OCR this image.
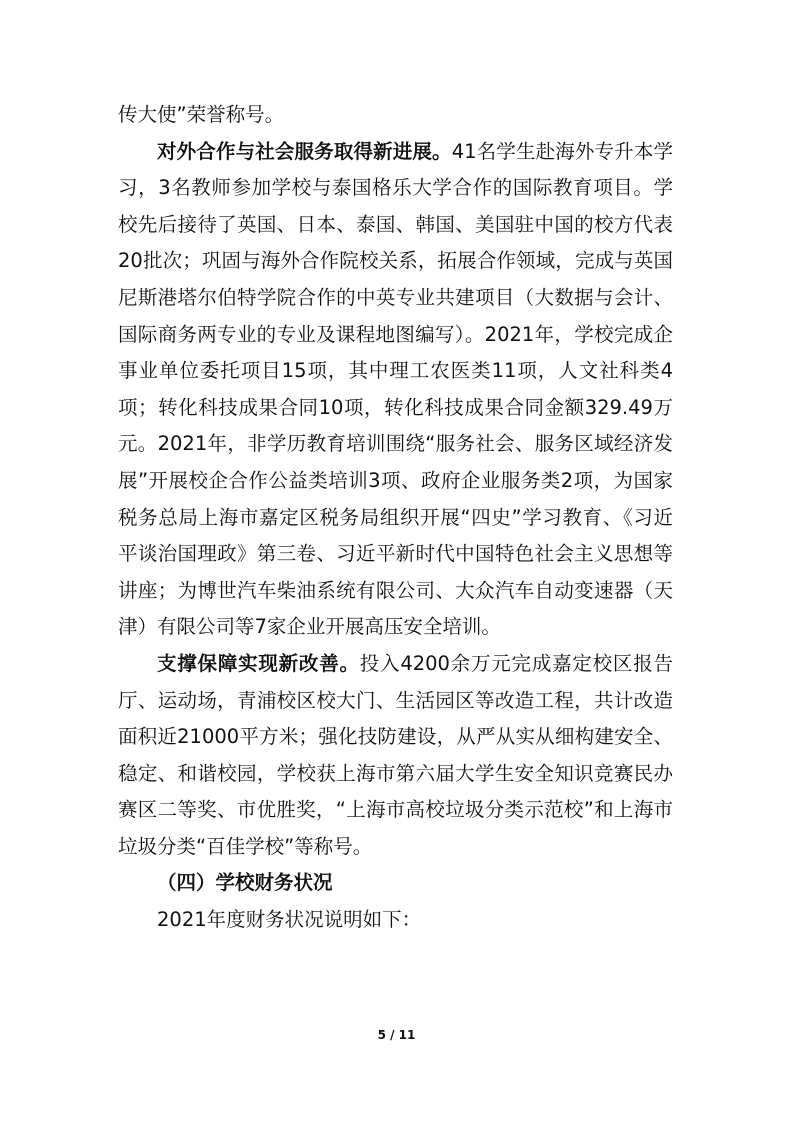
传大使”荣誉称号。

对外合作与社会服务取得新进展。41名学生赴海外专升本学习，3名教师参加学校与泰国格乐大学合作的国际教育项目。学校先后接待了英国、日本、泰国、韩国、美国驻中国的校方代表20批次；巩固与海外合作院校关系，拓展合作领域，完成与英国尼斯港塔尔伯特学院合作的中英专业共建项目（大数据与会计、国际商务两专业的专业及课程地图编写）。2021年，学校完成企事业单位委托项目15项，其中理工农医类11项，人文社科类4项；转化科技成果合同10项，转化科技成果合同金额329.49万元。2021年，非学历教育培训围绕“服务社会、服务区域经济发展”开展校企合作公益类培训3项、政府企业服务类2项，为国家税务总局上海市嘉定区税务局组织开展“四史”学习教育、《习近平谈治国理政》第三卷、习近平新时代中国特色社会主义思想等讲座；为博世汽车柴油系统有限公司、大众汽车自动变速器（天津）有限公司等7家企业开展高压安全培训。

支撑保障实现新改善。投入4200余万元完成嘉定校区报告厅、运动场，青浦校区校大门、生活园区等改造工程，共计改造面积近21000平方米；强化技防建设，从严从实从细构建安全、稳定、和谐校园，学校获上海市第六届大学生安全知识竞赛民办赛区二等奖、市优胜奖，“上海市高校垃圾分类示范校”和上海市垃圾分类“百佳学校”等称号。

（四）学校财务状况

2021年度财务状况说明如下：

5 / 11
